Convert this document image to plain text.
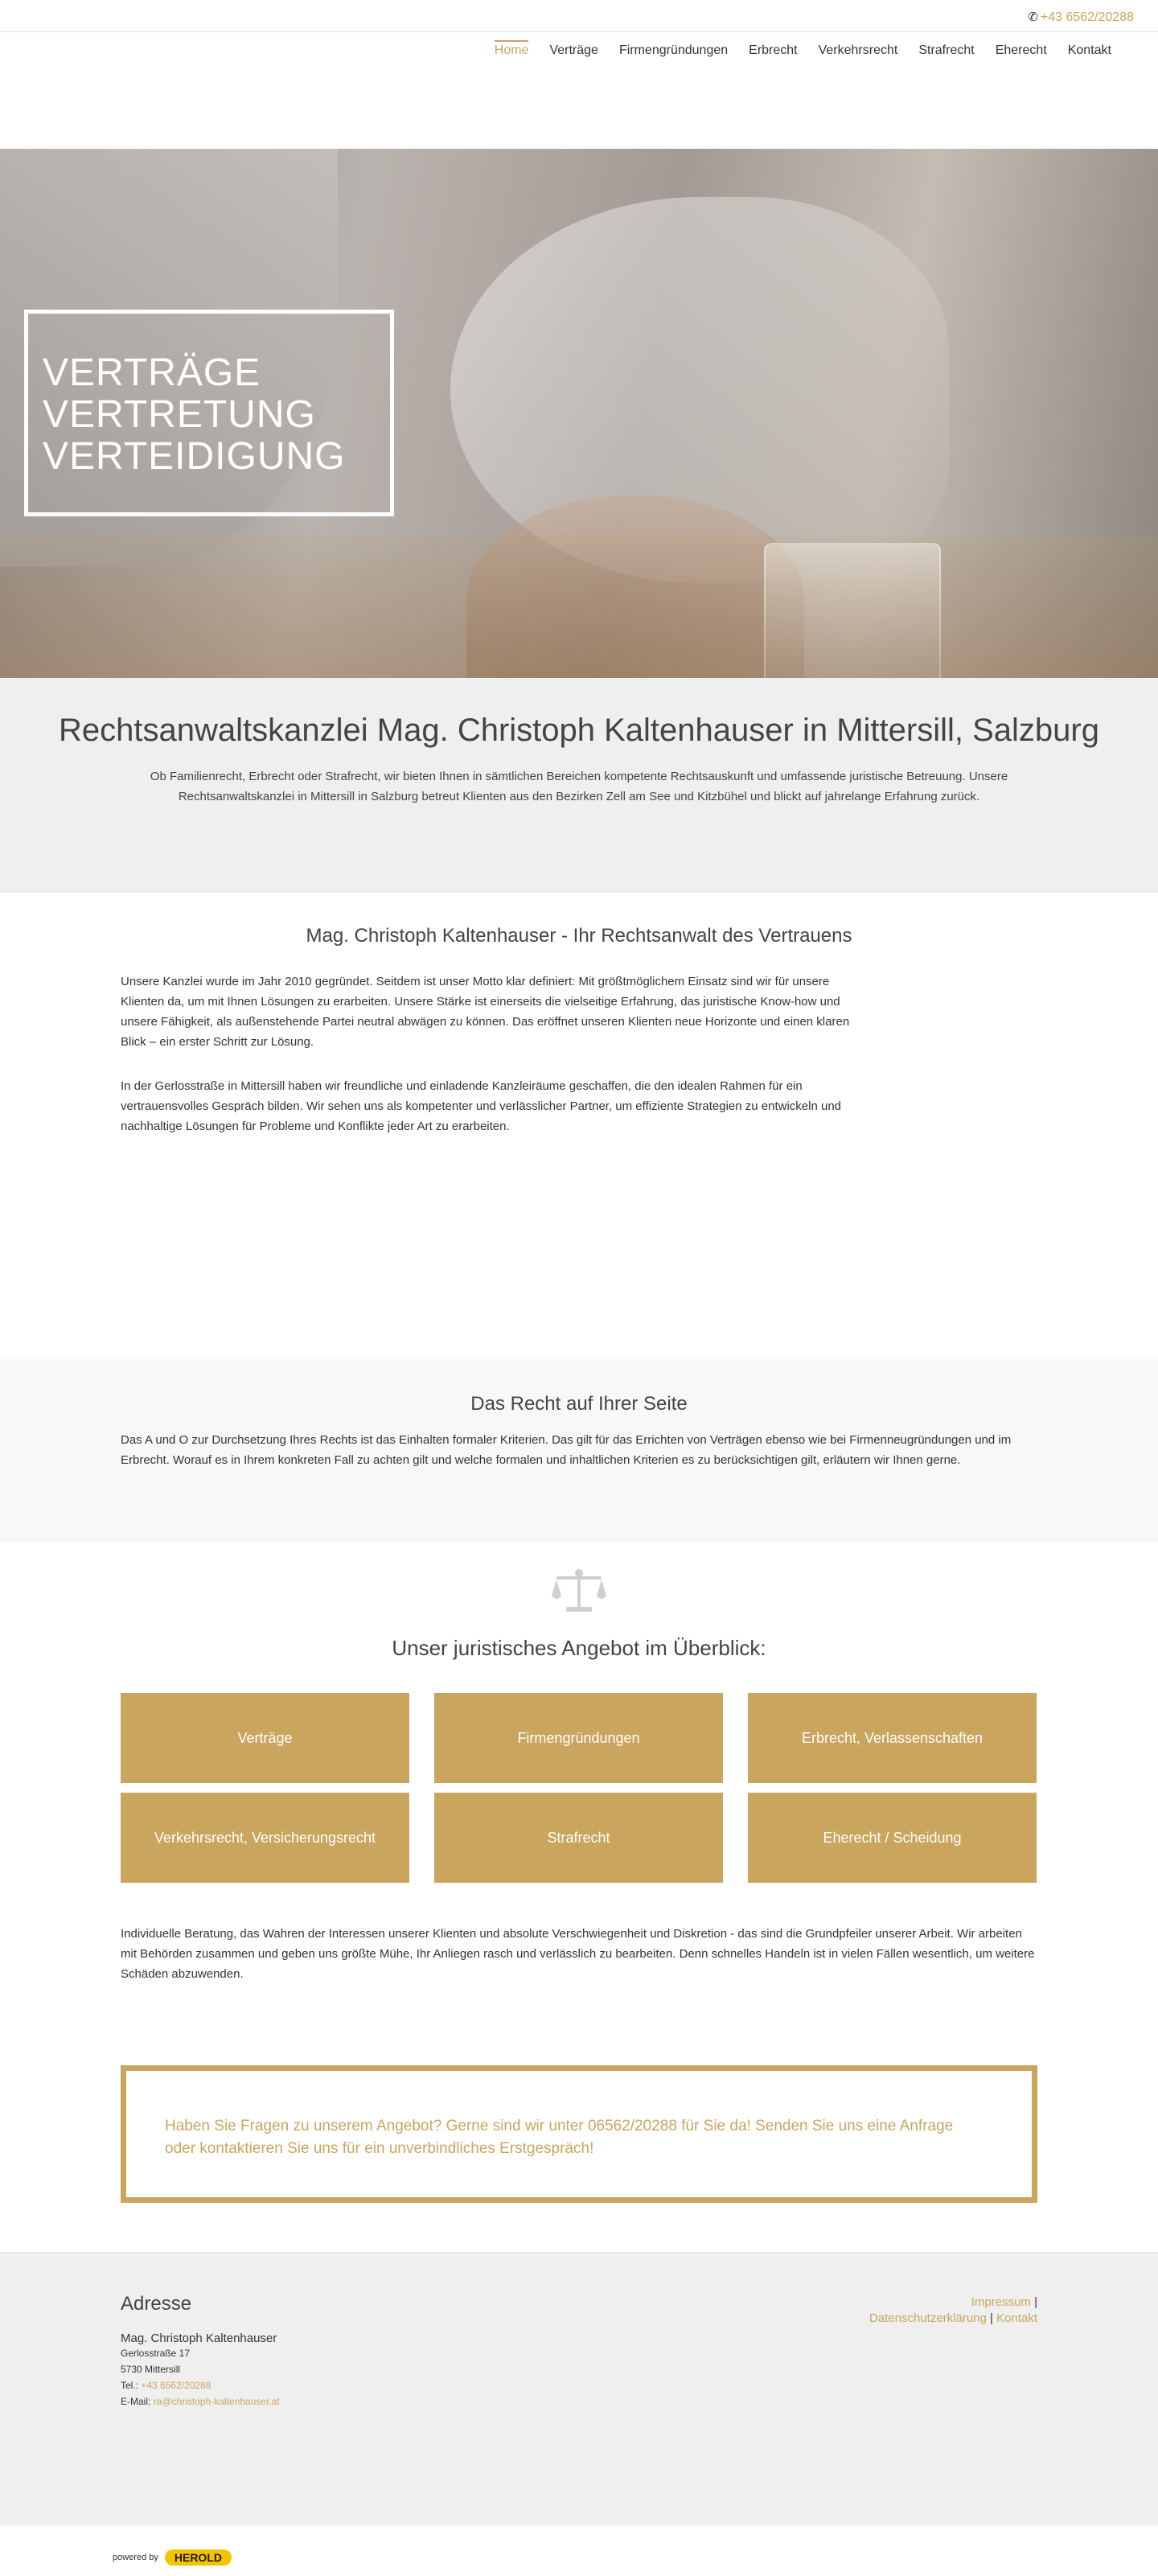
✆ +43 6562/20288
Home Verträge Firmengründungen Erbrecht Verkehrsrecht Strafrecht Eherecht Kontakt
VERTRÄGE
VERTRETUNG
VERTEIDIGUNG
Rechtsanwaltskanzlei Mag. Christoph Kaltenhauser in Mittersill, Salzburg

Ob Familienrecht, Erbrecht oder Strafrecht, wir bieten Ihnen in sämtlichen Bereichen kompetente Rechtsauskunft und umfassende juristische Betreuung. Unsere Rechtsanwaltskanzlei in Mittersill in Salzburg betreut Klienten aus den Bezirken Zell am See und Kitzbühel und blickt auf jahrelange Erfahrung zurück.

Mag. Christoph Kaltenhauser - Ihr Rechtsanwalt des Vertrauens

Unsere Kanzlei wurde im Jahr 2010 gegründet. Seitdem ist unser Motto klar definiert: Mit größtmöglichem Einsatz sind wir für unsere Klienten da, um mit Ihnen Lösungen zu erarbeiten. Unsere Stärke ist einerseits die vielseitige Erfahrung, das juristische Know-how und unsere Fähigkeit, als außenstehende Partei neutral abwägen zu können. Das eröffnet unseren Klienten neue Horizonte und einen klaren Blick – ein erster Schritt zur Lösung.

In der Gerlosstraße in Mittersill haben wir freundliche und einladende Kanzleiräume geschaffen, die den idealen Rahmen für ein vertrauensvolles Gespräch bilden. Wir sehen uns als kompetenter und verlässlicher Partner, um effiziente Strategien zu entwickeln und nachhaltige Lösungen für Probleme und Konflikte jeder Art zu erarbeiten.

Das Recht auf Ihrer Seite

Das A und O zur Durchsetzung Ihres Rechts ist das Einhalten formaler Kriterien. Das gilt für das Errichten von Verträgen ebenso wie bei Firmenneugründungen und im Erbrecht. Worauf es in Ihrem konkreten Fall zu achten gilt und welche formalen und inhaltlichen Kriterien es zu berücksichtigen gilt, erläutern wir Ihnen gerne.

Unser juristisches Angebot im Überblick:
Verträge	Firmengründungen	Erbrecht, Verlassenschaften
Verkehrsrecht, Versicherungsrecht	Strafrecht	Eherecht / Scheidung

Individuelle Beratung, das Wahren der Interessen unserer Klienten und absolute Verschwiegenheit und Diskretion - das sind die Grundpfeiler unserer Arbeit. Wir arbeiten mit Behörden zusammen und geben uns größte Mühe, Ihr Anliegen rasch und verlässlich zu bearbeiten. Denn schnelles Handeln ist in vielen Fällen wesentlich, um weitere Schäden abzuwenden.

Haben Sie Fragen zu unserem Angebot? Gerne sind wir unter 06562/20288 für Sie da! Senden Sie uns eine Anfrage oder kontaktieren Sie uns für ein unverbindliches Erstgespräch!

Adresse
Mag. Christoph Kaltenhauser
Gerlosstraße 17
5730 Mittersill
Tel.: +43 6562/20288
E-Mail: ra@christoph-kaltenhauser.at
Impressum |
Datenschutzerklärung | Kontakt
powered by	HEROLD
